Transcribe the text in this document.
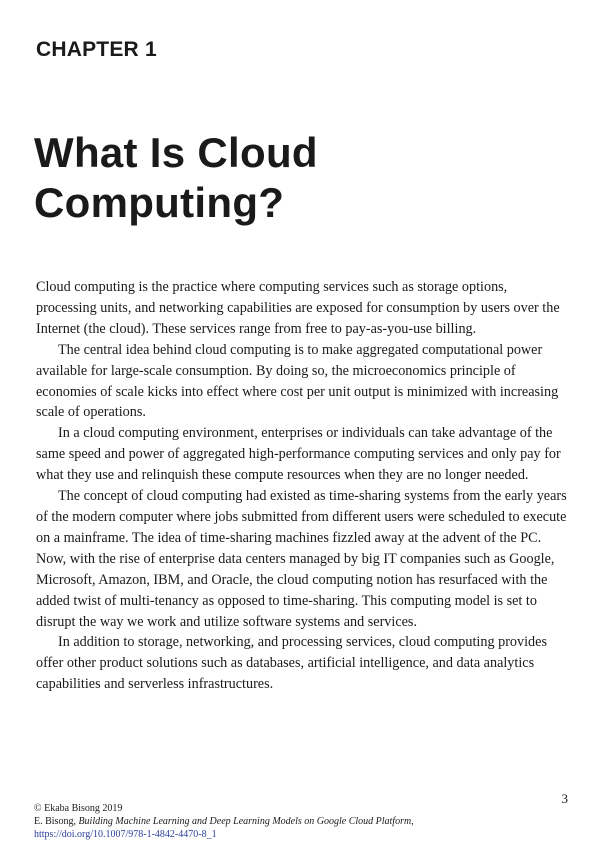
CHAPTER 1
What Is Cloud
Computing?

Cloud computing is the practice where computing services such as storage options, processing units, and networking capabilities are exposed for consumption by users over the Internet (the cloud). These services range from free to pay-as-you-use billing.

The central idea behind cloud computing is to make aggregated computational power available for large-scale consumption. By doing so, the microeconomics principle of economies of scale kicks into effect where cost per unit output is minimized with increasing scale of operations.

In a cloud computing environment, enterprises or individuals can take advantage of the same speed and power of aggregated high-performance computing services and only pay for what they use and relinquish these compute resources when they are no longer needed.

The concept of cloud computing had existed as time-sharing systems from the early years of the modern computer where jobs submitted from different users were scheduled to execute on a mainframe. The idea of time-sharing machines fizzled away at the advent of the PC. Now, with the rise of enterprise data centers managed by big IT companies such as Google, Microsoft, Amazon, IBM, and Oracle, the cloud computing notion has resurfaced with the added twist of multi-tenancy as opposed to time-sharing. This computing model is set to disrupt the way we work and utilize software systems and services.

In addition to storage, networking, and processing services, cloud computing provides offer other product solutions such as databases, artificial intelligence, and data analytics capabilities and serverless infrastructures.

3
© Ekaba Bisong 2019
E. Bisong, Building Machine Learning and Deep Learning Models on Google Cloud Platform,
https://doi.org/10.1007/978-1-4842-4470-8_1
